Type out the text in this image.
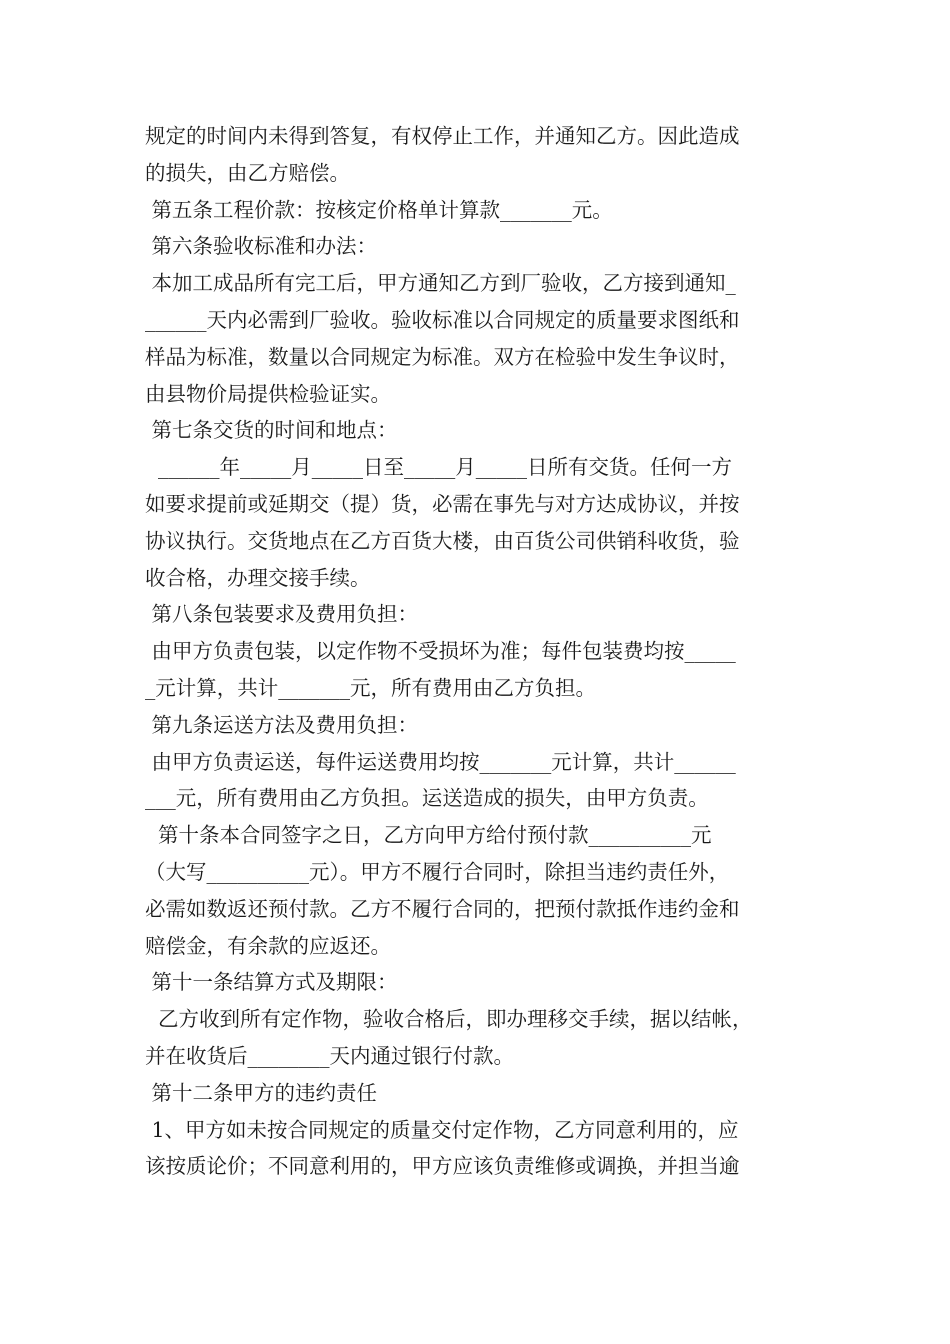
规定的时间内未得到答复，有权停止工作，并通知乙方。因此造成
的损失，由乙方赔偿。
第五条工程价款：按核定价格单计算款_______元。
第六条验收标准和办法：
本加工成品所有完工后，甲方通知乙方到厂验收，乙方接到通知_
______天内必需到厂验收。验收标准以合同规定的质量要求图纸和
样品为标准，数量以合同规定为标准。双方在检验中发生争议时，
由县物价局提供检验证实。
第七条交货的时间和地点：
______年_____月_____日至_____月_____日所有交货。任何一方
如要求提前或延期交（提）货，必需在事先与对方达成协议，并按
协议执行。交货地点在乙方百货大楼，由百货公司供销科收货，验
收合格，办理交接手续。
第八条包装要求及费用负担：
由甲方负责包装，以定作物不受损坏为准；每件包装费均按_____
_元计算，共计_______元，所有费用由乙方负担。
第九条运送方法及费用负担：
由甲方负责运送，每件运送费用均按_______元计算，共计______
___元，所有费用由乙方负担。运送造成的损失，由甲方负责。
第十条本合同签字之日，乙方向甲方给付预付款__________元
（大写__________元）。甲方不履行合同时，除担当违约责任外，
必需如数返还预付款。乙方不履行合同的，把预付款抵作违约金和
赔偿金，有余款的应返还。
第十一条结算方式及期限：
乙方收到所有定作物，验收合格后，即办理移交手续，据以结帐，
并在收货后________天内通过银行付款。
第十二条甲方的违约责任
1、甲方如未按合同规定的质量交付定作物，乙方同意利用的，应
该按质论价；不同意利用的，甲方应该负责维修或调换，并担当逾
